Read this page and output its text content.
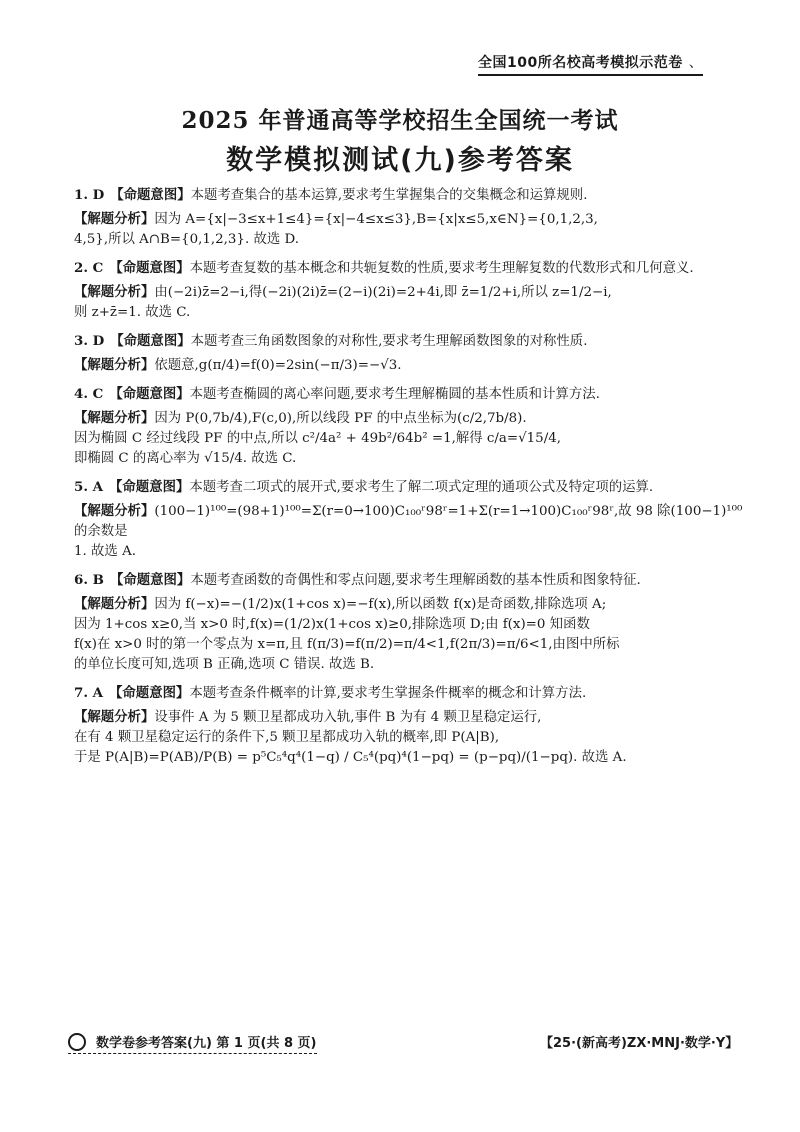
全国100所名校高考模拟示范卷 、
2025 年普通高等学校招生全国统一考试
数学模拟测试(九)参考答案
1. D 【命题意图】本题考查集合的基本运算,要求考生掌握集合的交集概念和运算规则.
【解题分析】因为 A={x|−3≤x+1≤4}={x|−4≤x≤3},B={x|x≤5,x∈N}={0,1,2,3,
4,5},所以 A∩B={0,1,2,3}. 故选 D.
2. C 【命题意图】本题考查复数的基本概念和共轭复数的性质,要求考生理解复数的代数形式和几何意义.
【解题分析】由(−2i)z̄=2−i,得(−2i)(2i)z̄=(2−i)(2i)=2+4i,即 z̄=1/2+i,所以 z=1/2−i,
则 z+z̄=1. 故选 C.
3. D 【命题意图】本题考查三角函数图象的对称性,要求考生理解函数图象的对称性质.
【解题分析】依题意,g(π/4)=f(0)=2sin(−π/3)=−√3.
4. C 【命题意图】本题考查椭圆的离心率问题,要求考生理解椭圆的基本性质和计算方法.
【解题分析】因为 P(0,7b/4),F(c,0),所以线段 PF 的中点坐标为(c/2,7b/8).
因为椭圆 C 经过线段 PF 的中点,所以 c²/4a² + 49b²/64b² =1,解得 c/a=√15/4,
即椭圆 C 的离心率为 √15/4. 故选 C.
5. A 【命题意图】本题考查二项式的展开式,要求考生了解二项式定理的通项公式及特定项的运算.
【解题分析】(100−1)¹⁰⁰=(98+1)¹⁰⁰=Σ(r=0→100)C₁₀₀ʳ98ʳ=1+Σ(r=1→100)C₁₀₀ʳ98ʳ,故 98 除(100−1)¹⁰⁰ 的余数是
1. 故选 A.
6. B 【命题意图】本题考查函数的奇偶性和零点问题,要求考生理解函数的基本性质和图象特征.
【解题分析】因为 f(−x)=−(1/2)x(1+cos x)=−f(x),所以函数 f(x)是奇函数,排除选项 A;
因为 1+cos x≥0,当 x>0 时,f(x)=(1/2)x(1+cos x)≥0,排除选项 D;由 f(x)=0 知函数
f(x)在 x>0 时的第一个零点为 x=π,且 f(π/3)=f(π/2)=π/4<1,f(2π/3)=π/6<1,由图中所标
的单位长度可知,选项 B 正确,选项 C 错误. 故选 B.
7. A 【命题意图】本题考查条件概率的计算,要求考生掌握条件概率的概念和计算方法.
【解题分析】设事件 A 为 5 颗卫星都成功入轨,事件 B 为有 4 颗卫星稳定运行,
在有 4 颗卫星稳定运行的条件下,5 颗卫星都成功入轨的概率,即 P(A|B),
于是 P(A|B)=P(AB)/P(B) = p⁵C₅⁴q⁴(1−q) / C₅⁴(pq)⁴(1−pq) = (p−pq)/(1−pq). 故选 A.
数学卷参考答案(九) 第 1 页(共 8 页)	【25·(新高考)ZX·MNJ·数学·Y】
